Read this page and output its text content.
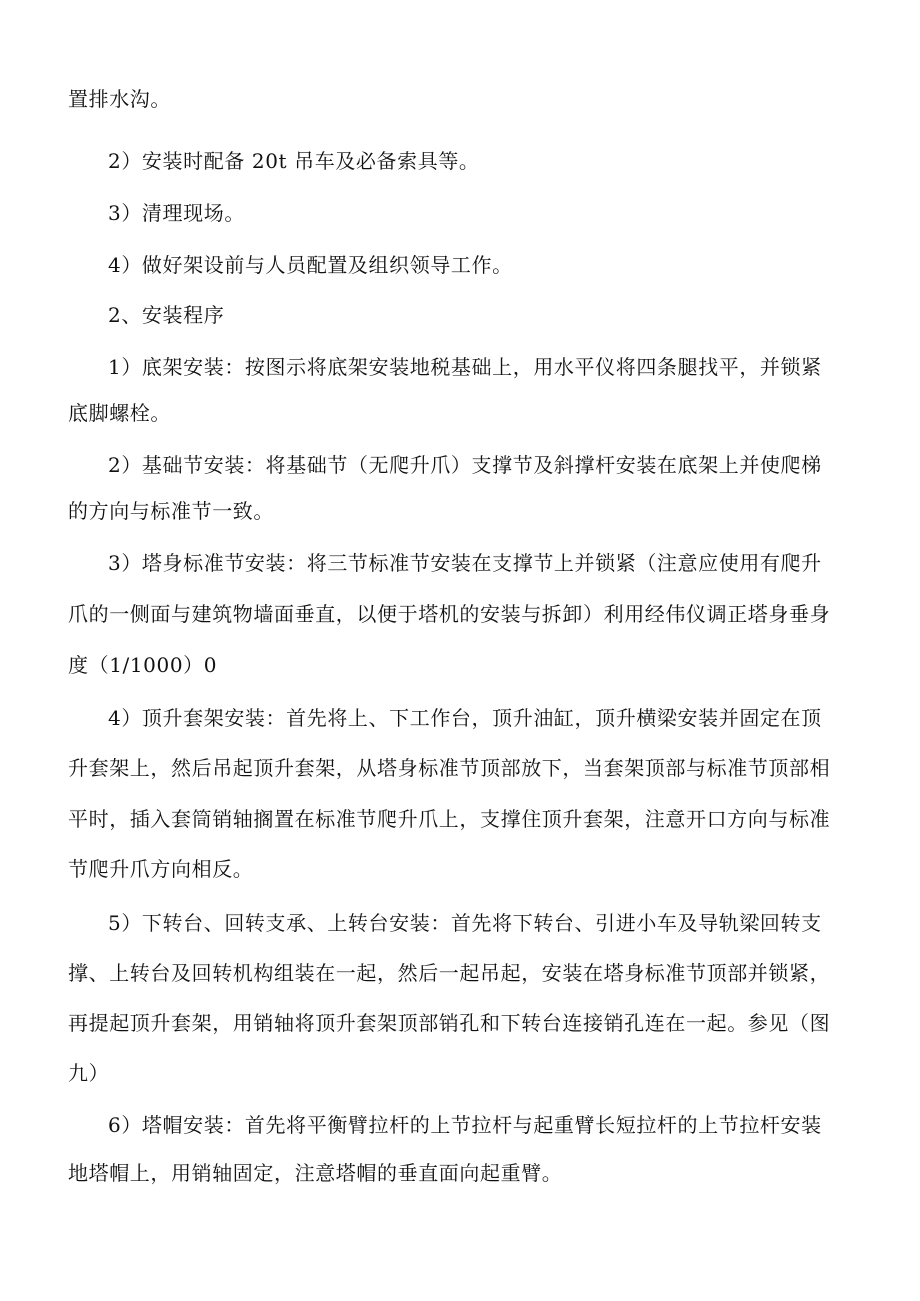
置排水沟。
2）安装时配备 20t 吊车及必备索具等。
3）清理现场。
4）做好架设前与人员配置及组织领导工作。
2、安装程序
1）底架安装：按图示将底架安装地税基础上，用水平仪将四条腿找平，并锁紧
底脚螺栓。
2）基础节安装：将基础节（无爬升爪）支撑节及斜撑杆安装在底架上并使爬梯
的方向与标准节一致。
3）塔身标准节安装：将三节标准节安装在支撑节上并锁紧（注意应使用有爬升
爪的一侧面与建筑物墙面垂直，以便于塔机的安装与拆卸）利用经伟仪调正塔身垂身
度（1/1000）0
4）顶升套架安装：首先将上、下工作台，顶升油缸，顶升横梁安装并固定在顶
升套架上，然后吊起顶升套架，从塔身标准节顶部放下，当套架顶部与标准节顶部相
平时，插入套筒销轴搁置在标准节爬升爪上，支撑住顶升套架，注意开口方向与标准
节爬升爪方向相反。
5）下转台、回转支承、上转台安装：首先将下转台、引进小车及导轨梁回转支
撑、上转台及回转机构组装在一起，然后一起吊起，安装在塔身标准节顶部并锁紧，
再提起顶升套架，用销轴将顶升套架顶部销孔和下转台连接销孔连在一起。参见（图
九）
6）塔帽安装：首先将平衡臂拉杆的上节拉杆与起重臂长短拉杆的上节拉杆安装
地塔帽上，用销轴固定，注意塔帽的垂直面向起重臂。
